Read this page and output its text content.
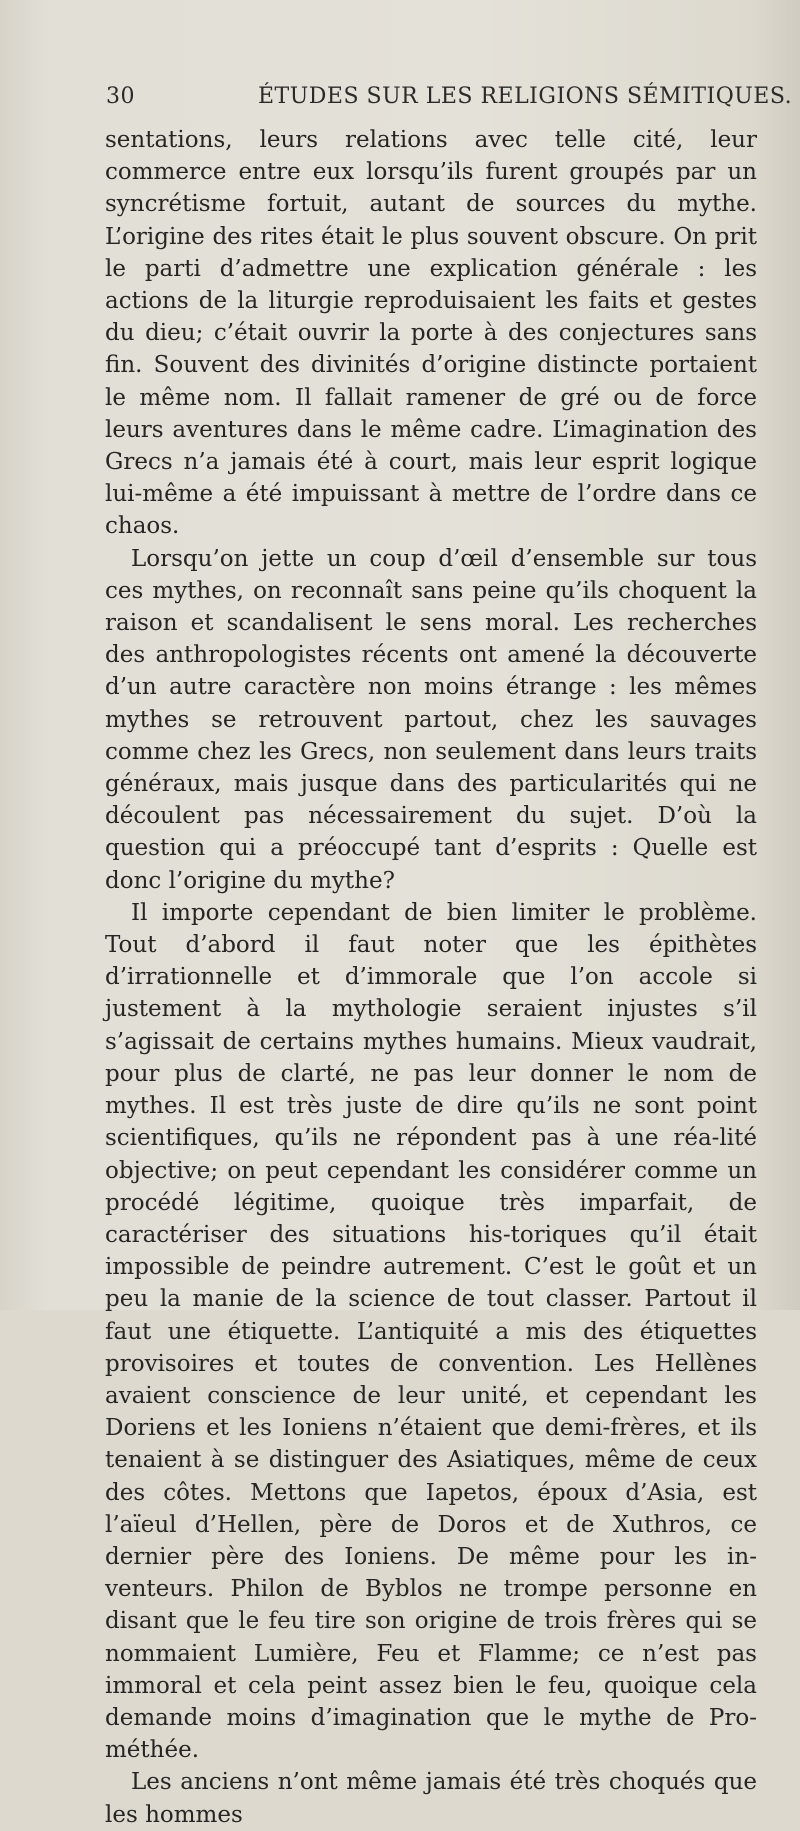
30	ÉTUDES SUR LES RELIGIONS SÉMITIQUES.

sentations, leurs relations avec telle cité, leur commerce entre eux lorsqu’ils furent groupés par un syncrétisme fortuit, autant de sources du mythe. L’origine des rites était le plus souvent obscure. On prit le parti d’admettre une explication générale : les actions de la liturgie reproduisaient les faits et gestes du dieu; c’était ouvrir la porte à des conjectures sans fin. Souvent des divinités d’origine distincte portaient le même nom. Il fallait ramener de gré ou de force leurs aventures dans le même cadre. L’imagination des Grecs n’a jamais été à court, mais leur esprit logique lui-même a été impuissant à mettre de l’ordre dans ce chaos.

Lorsqu’on jette un coup d’œil d’ensemble sur tous ces mythes, on reconnaît sans peine qu’ils choquent la raison et scandalisent le sens moral. Les recherches des anthropologistes récents ont amené la découverte d’un autre caractère non moins étrange : les mêmes mythes se retrouvent partout, chez les sauvages comme chez les Grecs, non seulement dans leurs traits généraux, mais jusque dans des particularités qui ne découlent pas nécessairement du sujet. D’où la question qui a préoccupé tant d’esprits : Quelle est donc l’origine du mythe?

Il importe cependant de bien limiter le problème. Tout d’abord il faut noter que les épithètes d’irrationnelle et d’immorale que l’on accole si justement à la mythologie seraient injustes s’il s’agissait de certains mythes humains. Mieux vaudrait, pour plus de clarté, ne pas leur donner le nom de mythes. Il est très juste de dire qu’ils ne sont point scientifiques, qu’ils ne répondent pas à une réa-lité objective; on peut cependant les considérer comme un procédé légitime, quoique très imparfait, de caractériser des situations his-toriques qu’il était impossible de peindre autrement. C’est le goût et un peu la manie de la science de tout classer. Partout il faut une étiquette. L’antiquité a mis des étiquettes provisoires et toutes de convention. Les Hellènes avaient conscience de leur unité, et cependant les Doriens et les Ioniens n’étaient que demi-frères, et ils tenaient à se distinguer des Asiatiques, même de ceux des côtes. Mettons que Iapetos, époux d’Asia, est l’aïeul d’Hellen, père de Doros et de Xuthros, ce dernier père des Ioniens. De même pour les in-venteurs. Philon de Byblos ne trompe personne en disant que le feu tire son origine de trois frères qui se nommaient Lumière, Feu et Flamme; ce n’est pas immoral et cela peint assez bien le feu, quoique cela demande moins d’imagination que le mythe de Pro-méthée.

Les anciens n’ont même jamais été très choqués que les hommes
